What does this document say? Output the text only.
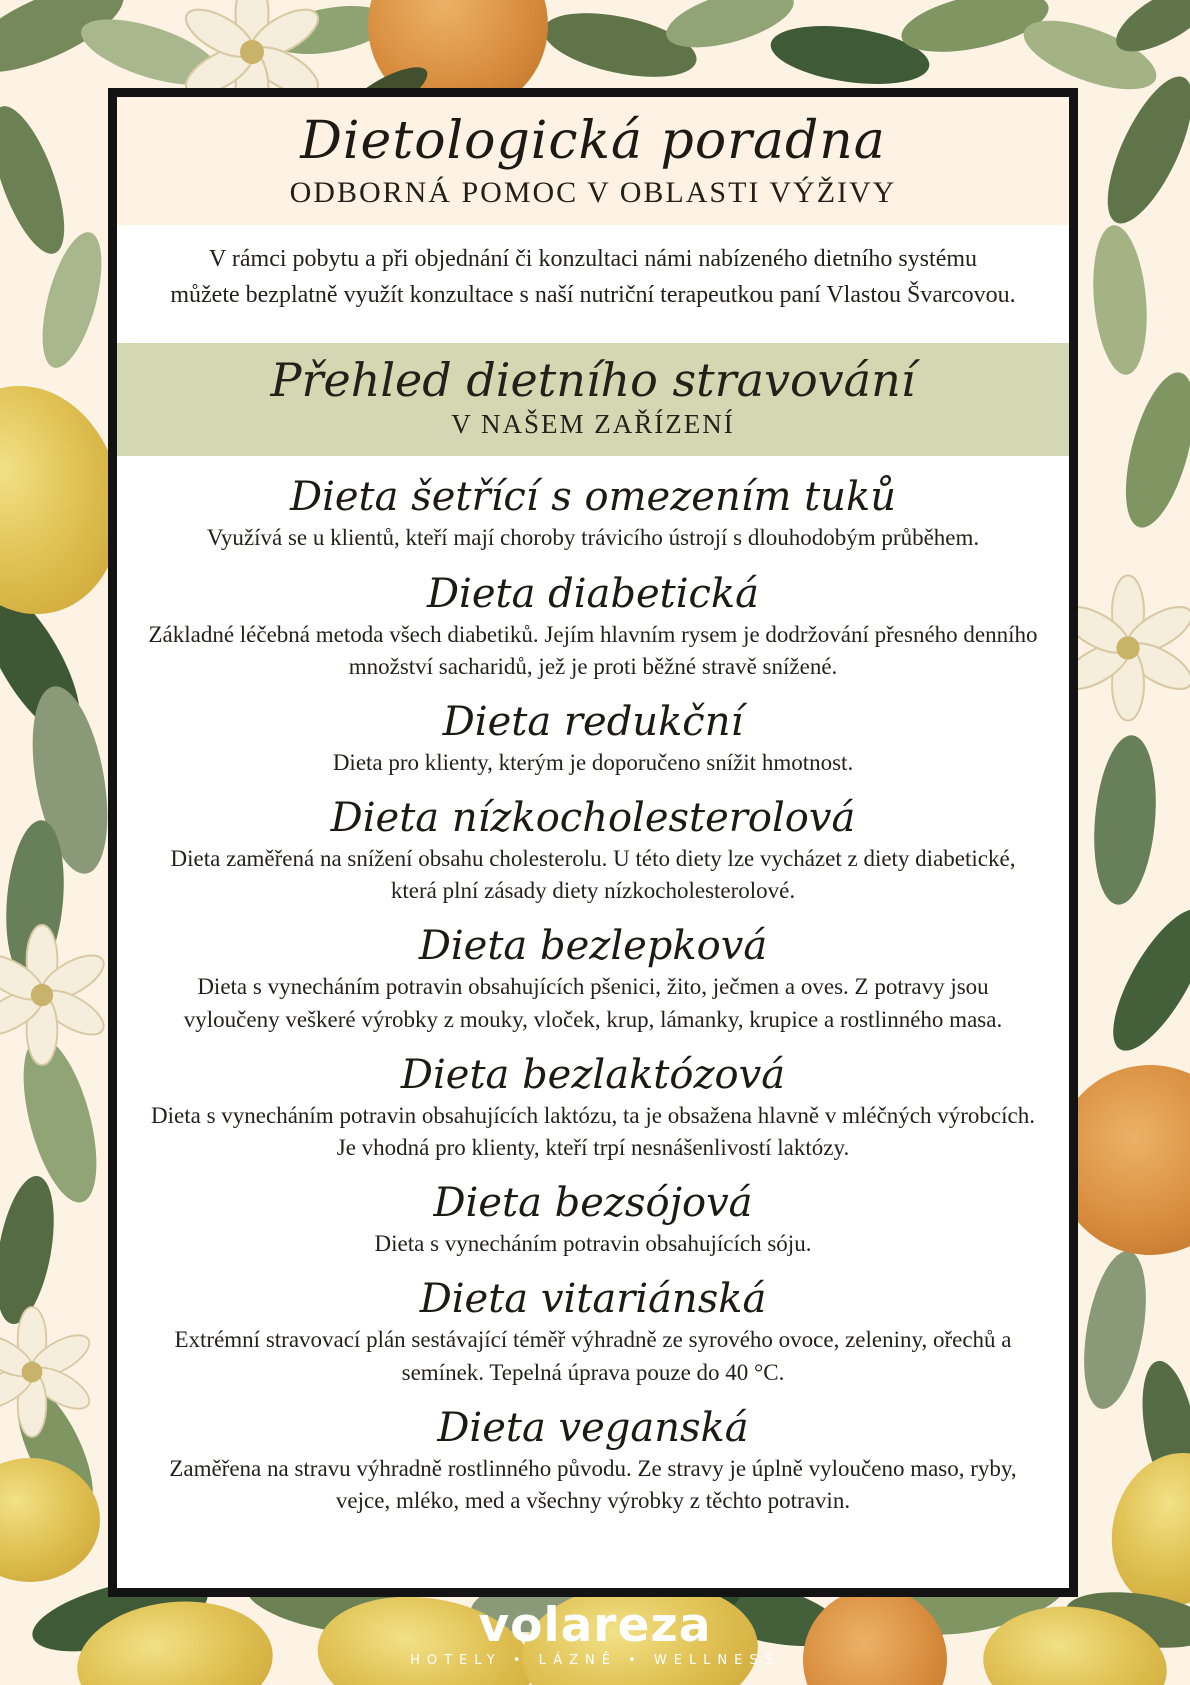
Dietologická poradna
ODBORNÁ POMOC V OBLASTI VÝŽIVY

V rámci pobytu a při objednání či konzultaci námi nabízeného dietního systému
můžete bezplatně využít konzultace s naší nutriční terapeutkou paní Vlastou Švarcovou.

Přehled dietního stravování
V NAŠEM ZAŘÍZENÍ
Dieta šetřící s omezením tuků

Využívá se u klientů, kteří mají choroby trávicího ústrojí s dlouhodobým průběhem.

Dieta diabetická

Základné léčebná metoda všech diabetiků. Jejím hlavním rysem je dodržování přesného denního množství sacharidů, jež je proti běžné stravě snížené.

Dieta redukční

Dieta pro klienty, kterým je doporučeno snížit hmotnost.

Dieta nízkocholesterolová

Dieta zaměřená na snížení obsahu cholesterolu. U této diety lze vycházet z diety diabetické, která plní zásady diety nízkocholesterolové.

Dieta bezlepková

Dieta s vynecháním potravin obsahujících pšenici, žito, ječmen a oves. Z potravy jsou vyloučeny veškeré výrobky z mouky, vloček, krup, lámanky, krupice a rostlinného masa.

Dieta bezlaktózová

Dieta s vynecháním potravin obsahujících laktózu, ta je obsažena hlavně v mléčných výrobcích. Je vhodná pro klienty, kteří trpí nesnášenlivostí laktózy.

Dieta bezsójová

Dieta s vynecháním potravin obsahujících sóju.

Dieta vitariánská

Extrémní stravovací plán sestávající téměř výhradně ze syrového ovoce, zeleniny, ořechů a semínek. Tepelná úprava pouze do 40 °C.

Dieta veganská

Zaměřena na stravu výhradně rostlinného původu. Ze stravy je úplně vyloučeno maso, ryby, vejce, mléko, med a všechny výrobky z těchto potravin.

volareza
HOTELY • LÁZNĚ • WELLNESS
